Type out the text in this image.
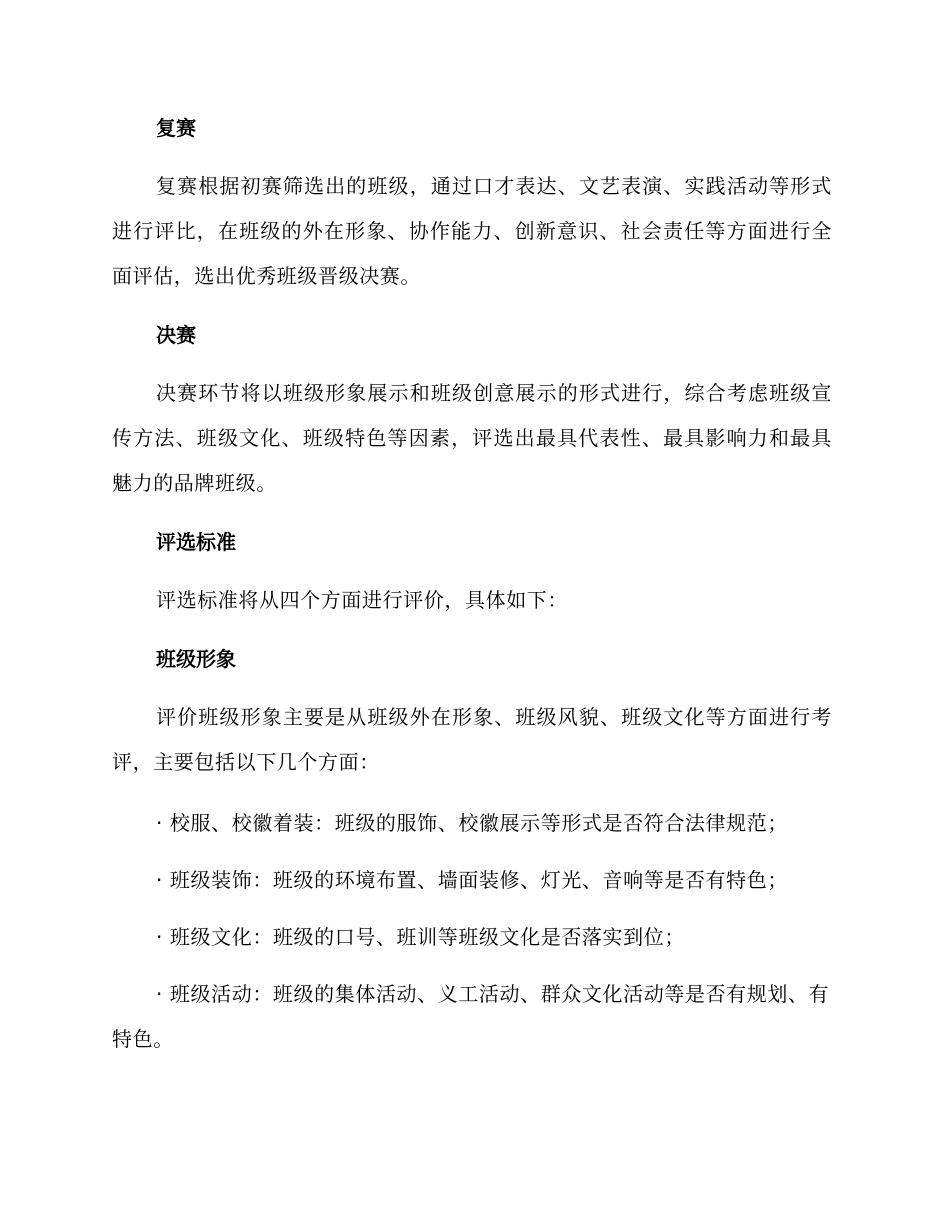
复赛

复赛根据初赛筛选出的班级，通过口才表达、文艺表演、实践活动等形式进行评比，在班级的外在形象、协作能力、创新意识、社会责任等方面进行全面评估，选出优秀班级晋级决赛。

决赛

决赛环节将以班级形象展示和班级创意展示的形式进行，综合考虑班级宣传方法、班级文化、班级特色等因素，评选出最具代表性、最具影响力和最具魅力的品牌班级。

评选标准

评选标准将从四个方面进行评价，具体如下：

班级形象

评价班级形象主要是从班级外在形象、班级风貌、班级文化等方面进行考评，主要包括以下几个方面：

· 校服、校徽着装：班级的服饰、校徽展示等形式是否符合法律规范；

· 班级装饰：班级的环境布置、墙面装修、灯光、音响等是否有特色；

· 班级文化：班级的口号、班训等班级文化是否落实到位；

· 班级活动：班级的集体活动、义工活动、群众文化活动等是否有规划、有特色。
